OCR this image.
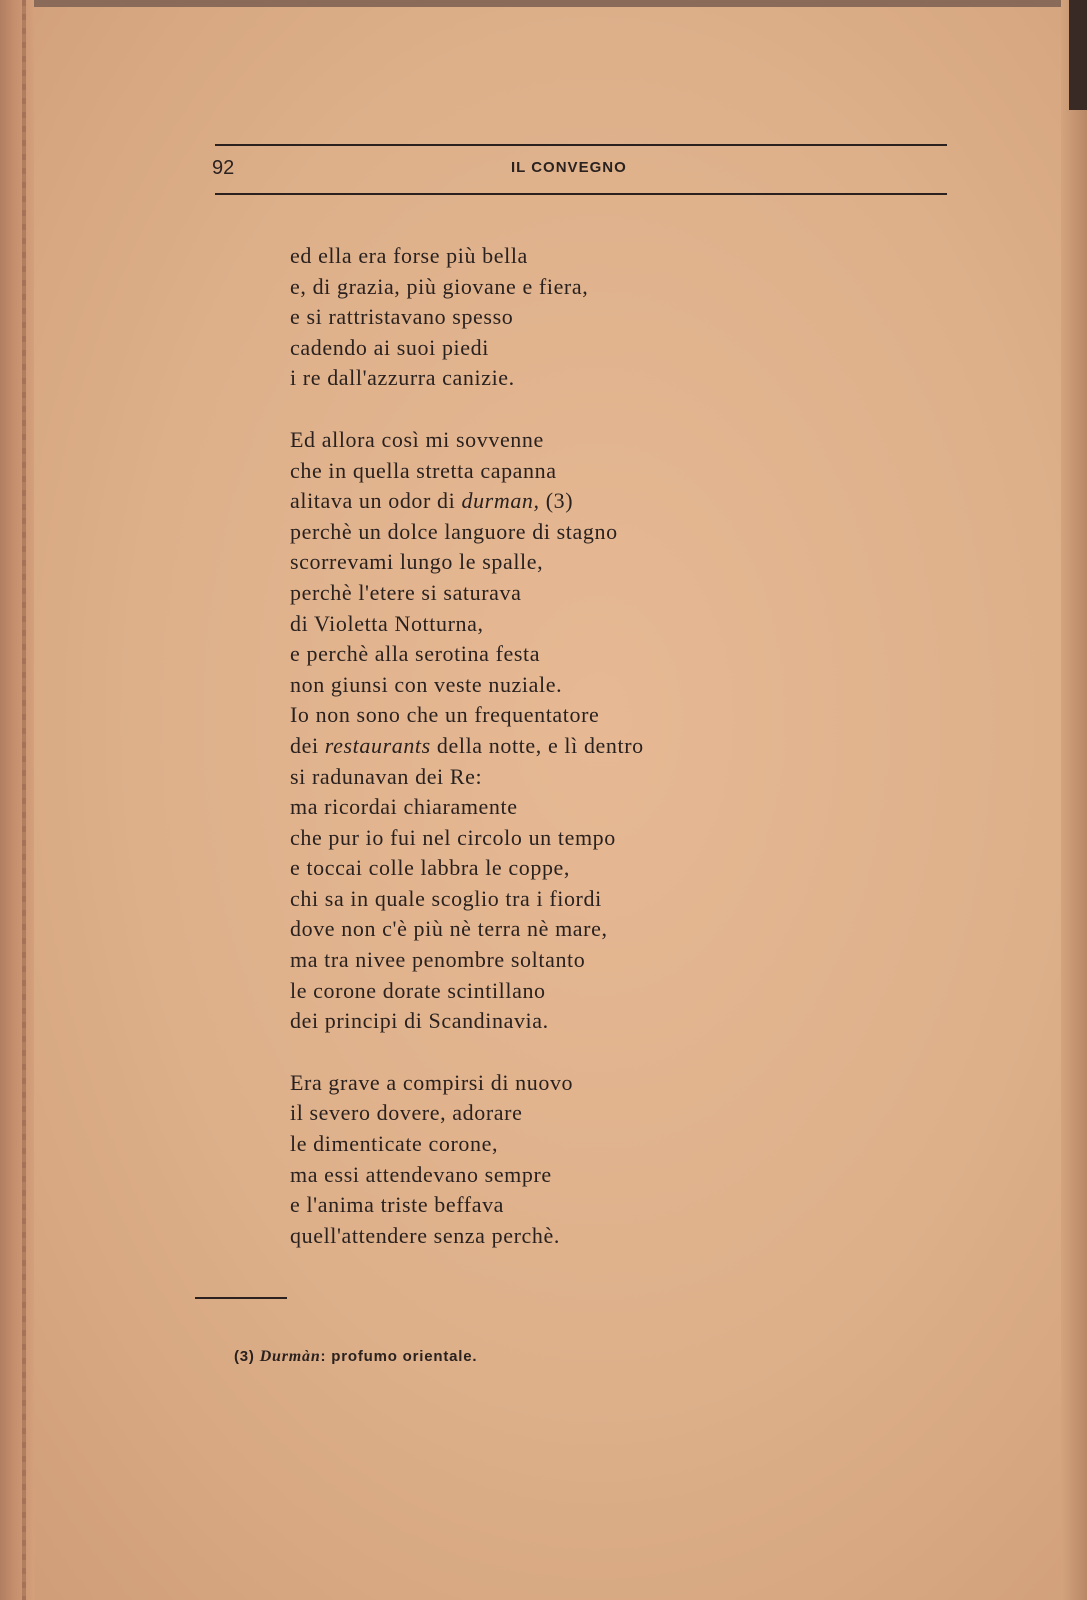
92	IL CONVEGNO
ed ella era forse più bella
e, di grazia, più giovane e fiera,
e si rattristavano spesso
cadendo ai suoi piedi
i re dall'azzurra canizie.
Ed allora così mi sovvenne
che in quella stretta capanna
alitava un odor di durman, (3)
perchè un dolce languore di stagno
scorrevami lungo le spalle,
perchè l'etere si saturava
di Violetta Notturna,
e perchè alla serotina festa
non giunsi con veste nuziale.
Io non sono che un frequentatore
dei restaurants della notte, e lì dentro
si radunavan dei Re:
ma ricordai chiaramente
che pur io fui nel circolo un tempo
e toccai colle labbra le coppe,
chi sa in quale scoglio tra i fiordi
dove non c'è più nè terra nè mare,
ma tra nivee penombre soltanto
le corone dorate scintillano
dei principi di Scandinavia.
Era grave a compirsi di nuovo
il severo dovere, adorare
le dimenticate corone,
ma essi attendevano sempre
e l'anima triste beffava
quell'attendere senza perchè.
(3) Durmàn: profumo orientale.
